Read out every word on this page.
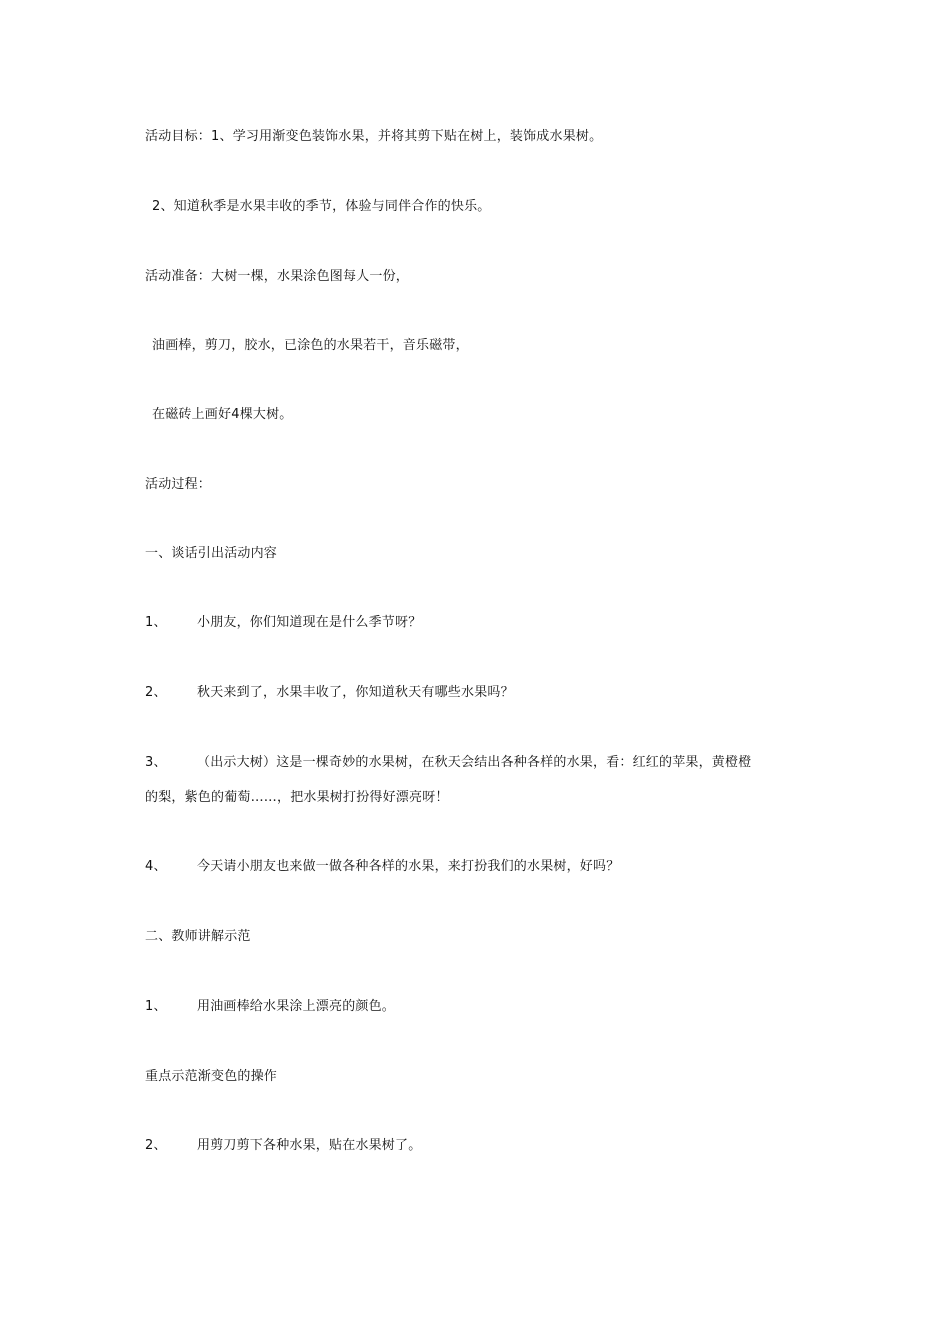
活动目标：1、学习用渐变色装饰水果，并将其剪下贴在树上，装饰成水果树。
2、知道秋季是水果丰收的季节，体验与同伴合作的快乐。
活动准备：大树一棵，水果涂色图每人一份，
油画棒，剪刀，胶水，已涂色的水果若干，音乐磁带，
在磁砖上画好4棵大树。
活动过程：
一、谈话引出活动内容
1、 小朋友，你们知道现在是什么季节呀？
2、 秋天来到了，水果丰收了，你知道秋天有哪些水果吗？
3、 （出示大树）这是一棵奇妙的水果树，在秋天会结出各种各样的水果，看：红红的苹果，黄橙橙
的梨，紫色的葡萄……，把水果树打扮得好漂亮呀！
4、 今天请小朋友也来做一做各种各样的水果，来打扮我们的水果树，好吗？
二、教师讲解示范
1、 用油画棒给水果涂上漂亮的颜色。
重点示范渐变色的操作
2、 用剪刀剪下各种水果，贴在水果树了。
